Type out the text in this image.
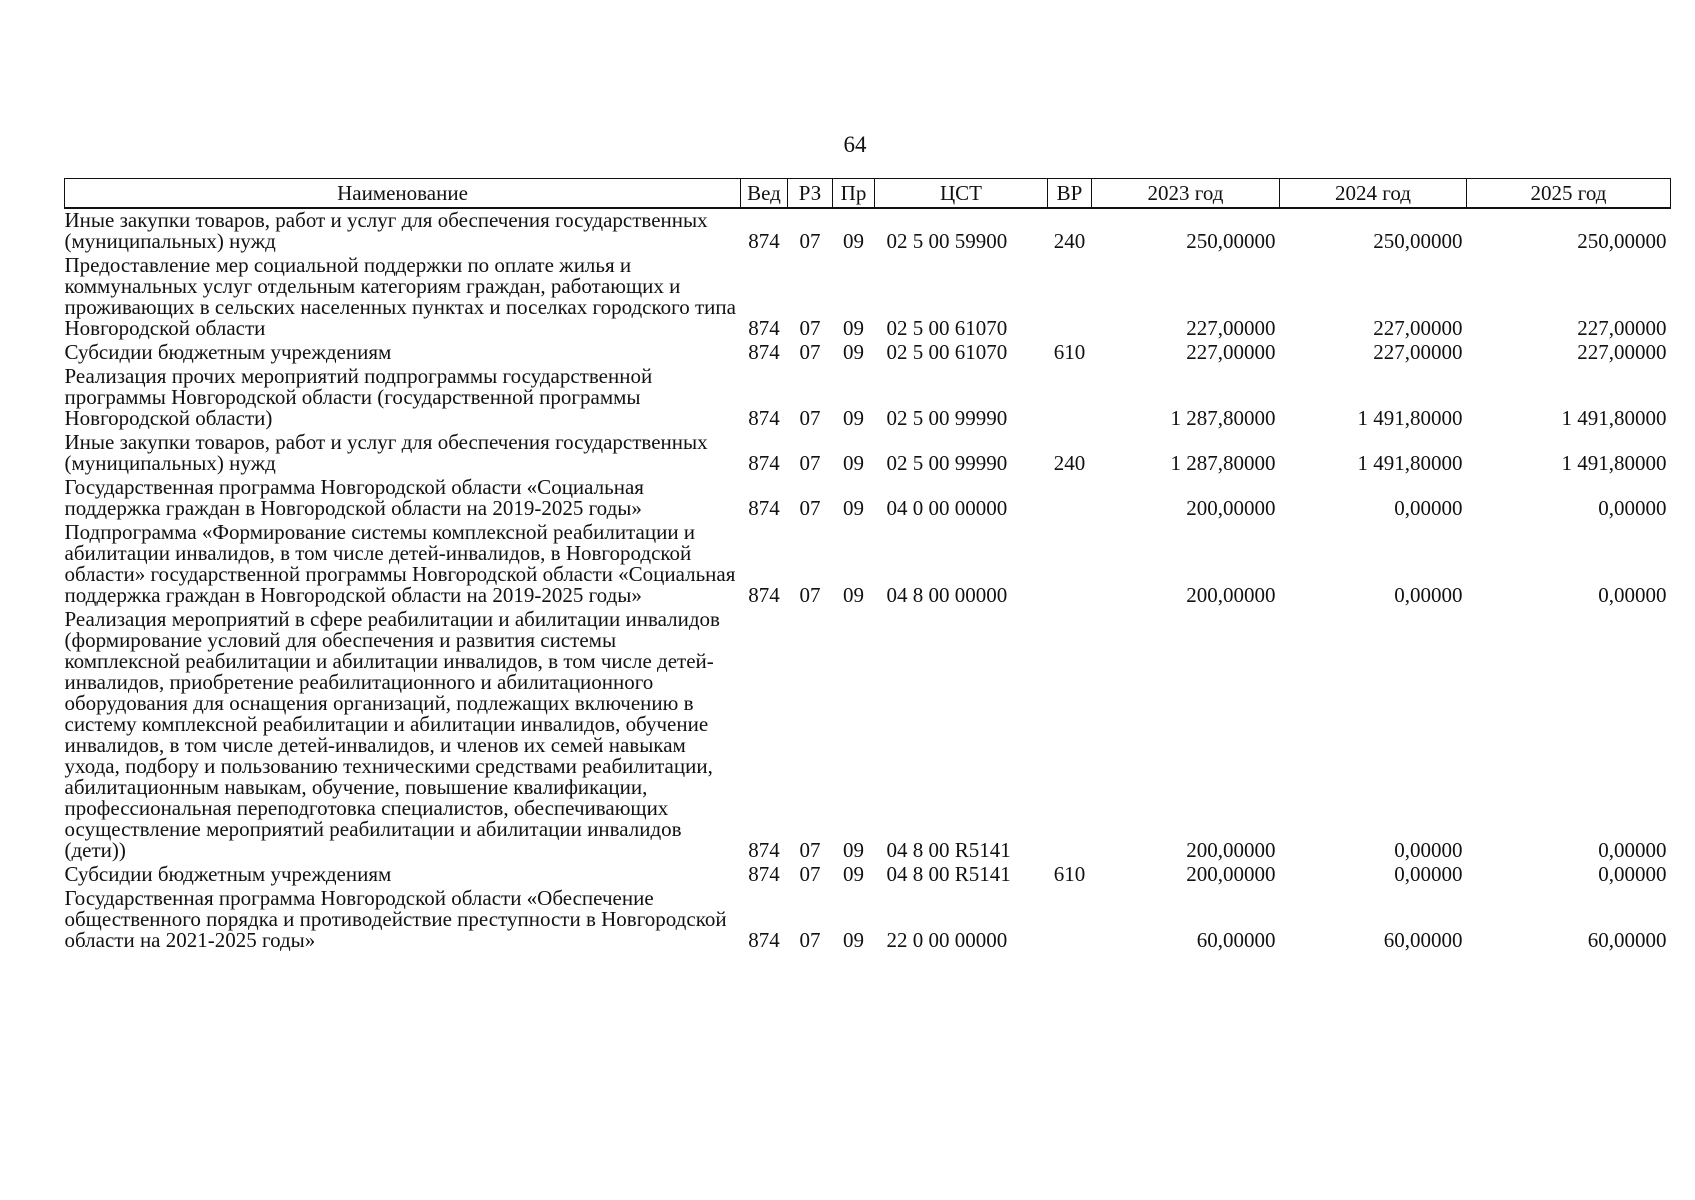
64
Наименование	Вед	РЗ	Пр	ЦСТ	ВР	2023 год	2024 год	2025 год
Иные закупки товаров, работ и услуг для обеспечения государственных (муниципальных) нужд	874	07	09	02 5 00 59900	240	250,00000	250,00000	250,00000
Предоставление мер социальной поддержки по оплате жилья и коммунальных услуг отдельным категориям граждан, работающих и проживающих в сельских населенных пунктах и поселках городского типа Новгородской области	874	07	09	02 5 00 61070		227,00000	227,00000	227,00000
Субсидии бюджетным учреждениям	874	07	09	02 5 00 61070	610	227,00000	227,00000	227,00000
Реализация прочих мероприятий подпрограммы государственной программы Новгородской области (государственной программы Новгородской области)	874	07	09	02 5 00 99990		1 287,80000	1 491,80000	1 491,80000
Иные закупки товаров, работ и услуг для обеспечения государственных (муниципальных) нужд	874	07	09	02 5 00 99990	240	1 287,80000	1 491,80000	1 491,80000
Государственная программа Новгородской области «Социальная поддержка граждан в Новгородской области на 2019-2025 годы»	874	07	09	04 0 00 00000		200,00000	0,00000	0,00000
Подпрограмма «Формирование системы комплексной реабилитации и абилитации инвалидов, в том числе детей-инвалидов, в Новгородской области» государственной программы Новгородской области «Социальная поддержка граждан в Новгородской области на 2019-2025 годы»	874	07	09	04 8 00 00000		200,00000	0,00000	0,00000
Реализация мероприятий в сфере реабилитации и абилитации инвалидов (формирование условий для обеспечения и развития системы комплексной реабилитации и абилитации инвалидов, в том числе детей-инвалидов, приобретение реабилитационного и абилитационного оборудования для оснащения организаций, подлежащих включению в систему комплексной реабилитации и абилитации инвалидов, обучение инвалидов, в том числе детей-инвалидов, и членов их семей навыкам ухода, подбору и пользованию техническими средствами реабилитации, абилитационным навыкам, обучение, повышение квалификации, профессиональная переподготовка специалистов, обеспечивающих осуществление мероприятий реабилитации и абилитации инвалидов (дети))	874	07	09	04 8 00 R5141		200,00000	0,00000	0,00000
Субсидии бюджетным учреждениям	874	07	09	04 8 00 R5141	610	200,00000	0,00000	0,00000
Государственная программа Новгородской области «Обеспечение общественного порядка и противодействие преступности в Новгородской области на 2021-2025 годы»	874	07	09	22 0 00 00000		60,00000	60,00000	60,00000
